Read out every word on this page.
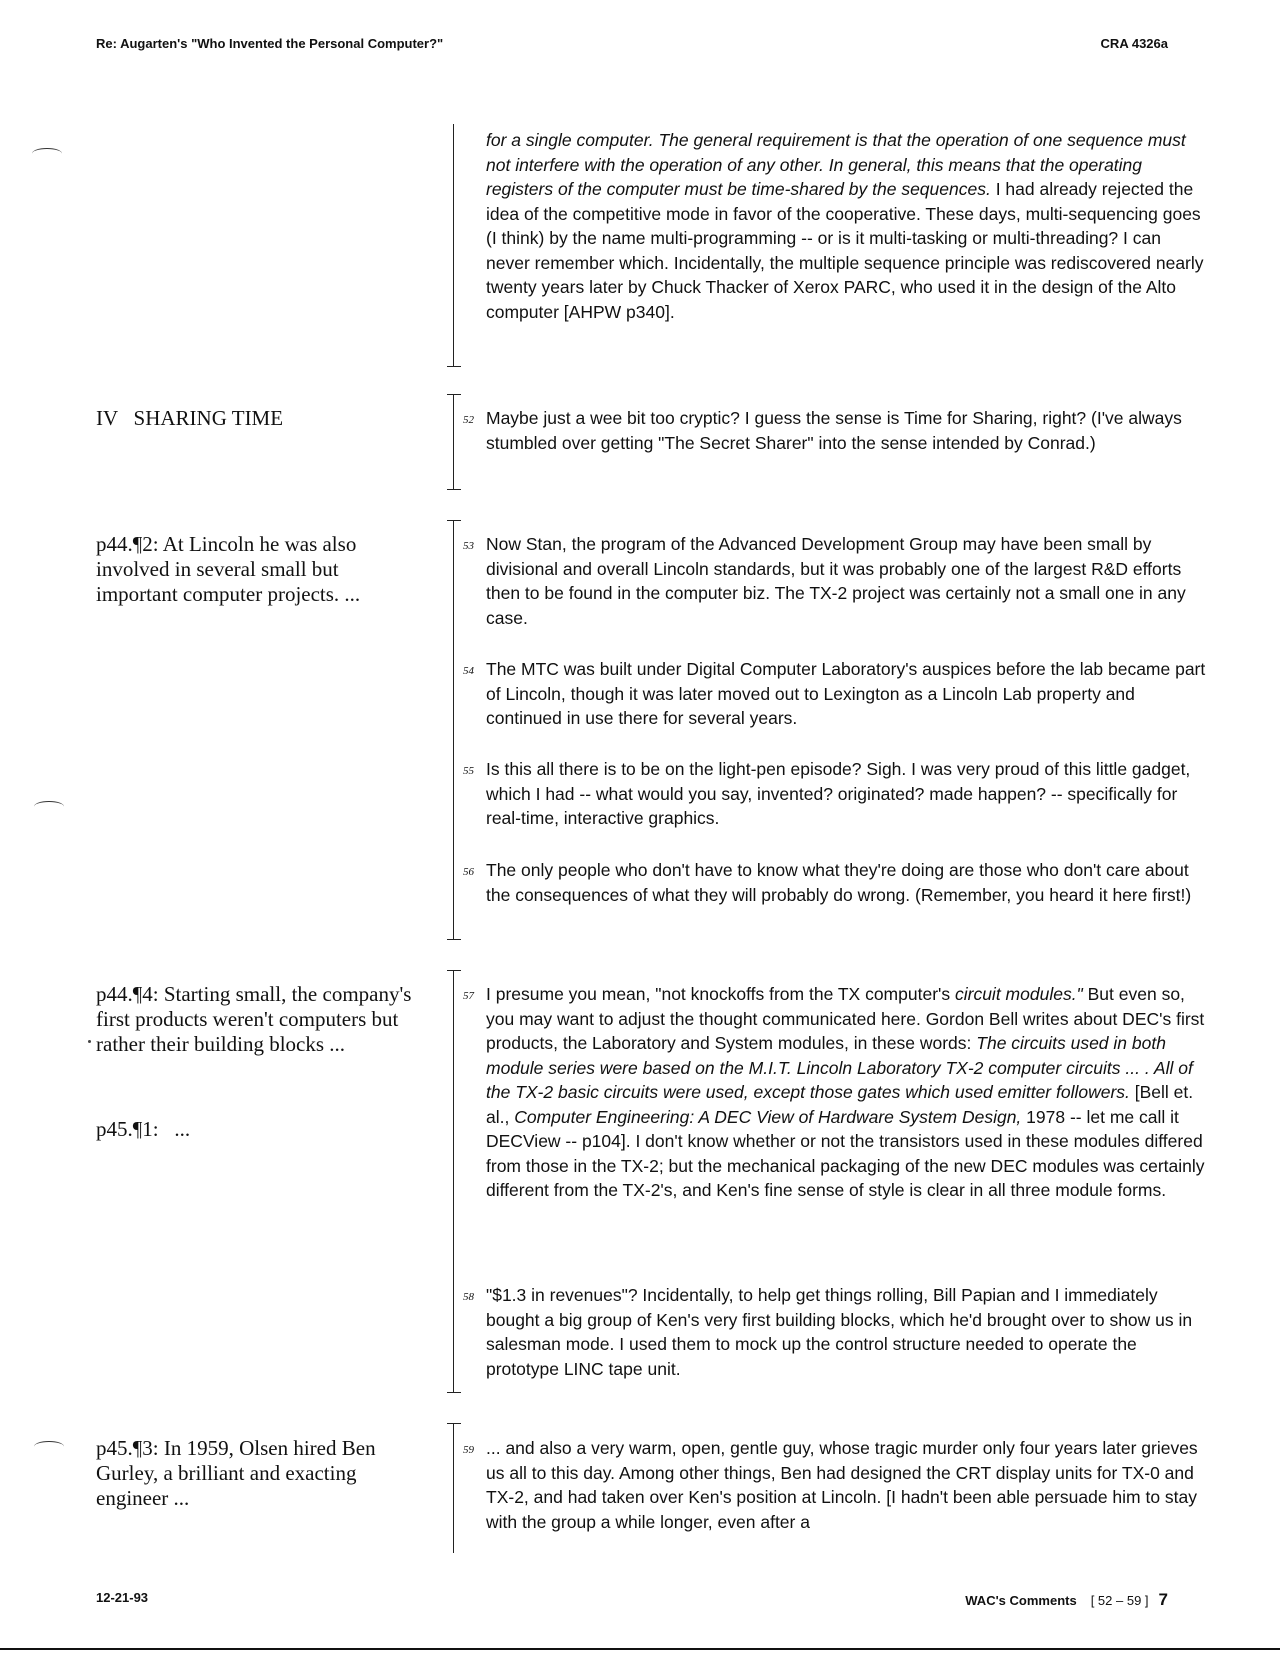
Re: Augarten's "Who Invented the Personal Computer?"	CRA 4326a
IV   SHARING TIME
p44.¶2: At Lincoln he was also involved in several small but important computer projects. ...
p44.¶4: Starting small, the company's first products weren't computers but rather their building blocks ...
p45.¶1:   ...
p45.¶3: In 1959, Olsen hired Ben Gurley, a brilliant and exacting engineer ...
for a single computer. The general requirement is that the operation of one sequence must not interfere with the operation of any other. In general, this means that the operating registers of the computer must be time-shared by the sequences. I had already rejected the idea of the competitive mode in favor of the cooperative. These days, multi-sequencing goes (I think) by the name multi-programming -- or is it multi-tasking or multi-threading? I can never remember which. Incidentally, the multiple sequence principle was rediscovered nearly twenty years later by Chuck Thacker of Xerox PARC, who used it in the design of the Alto computer [AHPW p340].
52 Maybe just a wee bit too cryptic? I guess the sense is Time for Sharing, right? (I've always stumbled over getting "The Secret Sharer" into the sense intended by Conrad.)
53 Now Stan, the program of the Advanced Development Group may have been small by divisional and overall Lincoln standards, but it was probably one of the largest R&D efforts then to be found in the computer biz. The TX-2 project was certainly not a small one in any case.
54 The MTC was built under Digital Computer Laboratory's auspices before the lab became part of Lincoln, though it was later moved out to Lexington as a Lincoln Lab property and continued in use there for several years.
55 Is this all there is to be on the light-pen episode? Sigh. I was very proud of this little gadget, which I had -- what would you say, invented? originated? made happen? -- specifically for real-time, interactive graphics.
56 The only people who don't have to know what they're doing are those who don't care about the consequences of what they will probably do wrong. (Remember, you heard it here first!)
57 I presume you mean, "not knockoffs from the TX computer's circuit modules." But even so, you may want to adjust the thought communicated here. Gordon Bell writes about DEC's first products, the Laboratory and System modules, in these words: The circuits used in both module series were based on the M.I.T. Lincoln Laboratory TX-2 computer circuits ... . All of the TX-2 basic circuits were used, except those gates which used emitter followers. [Bell et. al., Computer Engineering: A DEC View of Hardware System Design, 1978 -- let me call it DECView -- p104]. I don't know whether or not the transistors used in these modules differed from those in the TX-2; but the mechanical packaging of the new DEC modules was certainly different from the TX-2's, and Ken's fine sense of style is clear in all three module forms.
58 "$1.3 in revenues"? Incidentally, to help get things rolling, Bill Papian and I immediately bought a big group of Ken's very first building blocks, which he'd brought over to show us in salesman mode. I used them to mock up the control structure needed to operate the prototype LINC tape unit.
59 ... and also a very warm, open, gentle guy, whose tragic murder only four years later grieves us all to this day. Among other things, Ben had designed the CRT display units for TX-0 and TX-2, and had taken over Ken's position at Lincoln. [I hadn't been able persuade him to stay with the group a while longer, even after a
12-21-93	WAC's Comments [ 52 – 59 ] 7
